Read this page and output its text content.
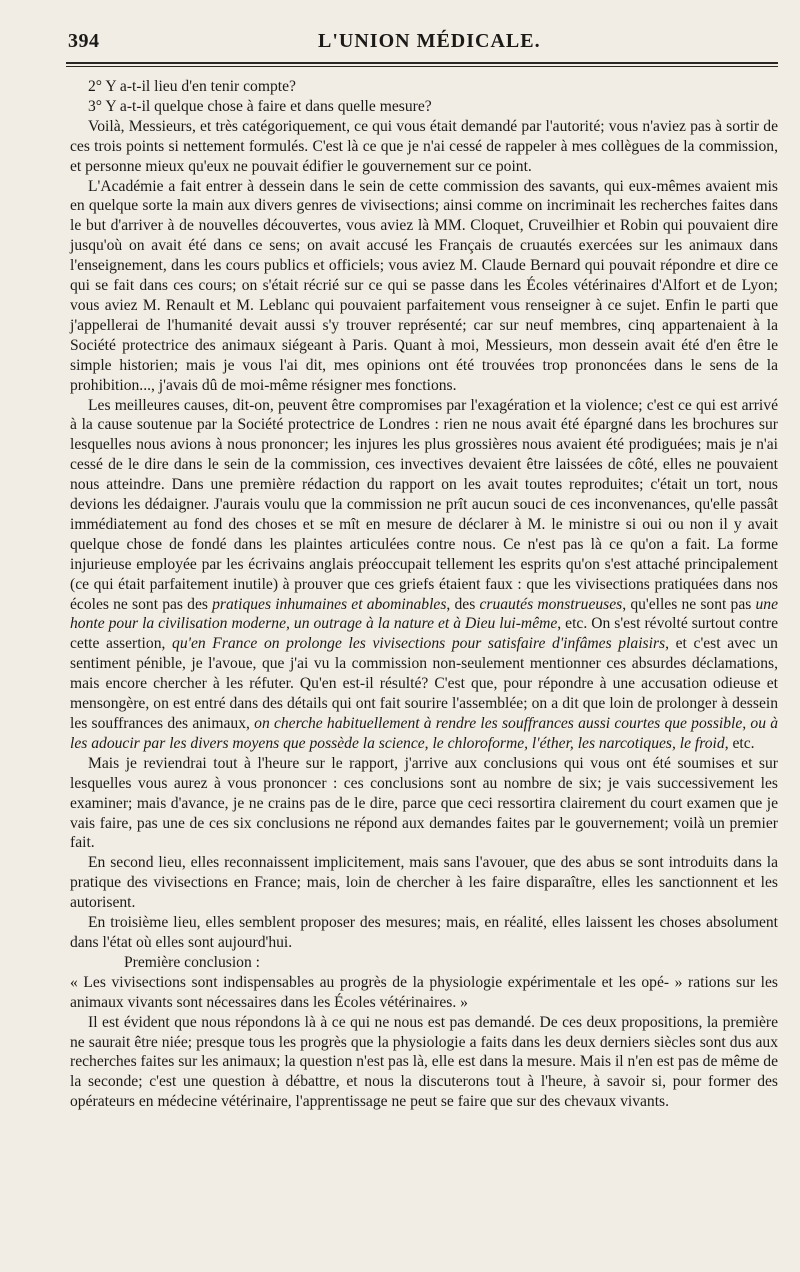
394	L'UNION MÉDICALE.

2° Y a-t-il lieu d'en tenir compte?

3° Y a-t-il quelque chose à faire et dans quelle mesure?

Voilà, Messieurs, et très catégoriquement, ce qui vous était demandé par l'autorité; vous n'aviez pas à sortir de ces trois points si nettement formulés. C'est là ce que je n'ai cessé de rappeler à mes collègues de la commission, et personne mieux qu'eux ne pouvait édifier le gouvernement sur ce point.

L'Académie a fait entrer à dessein dans le sein de cette commission des savants, qui eux-mêmes avaient mis en quelque sorte la main aux divers genres de vivisections; ainsi comme on incriminait les recherches faites dans le but d'arriver à de nouvelles découvertes, vous aviez là MM. Cloquet, Cruveilhier et Robin qui pouvaient dire jusqu'où on avait été dans ce sens; on avait accusé les Français de cruautés exercées sur les animaux dans l'enseignement, dans les cours publics et officiels; vous aviez M. Claude Bernard qui pouvait répondre et dire ce qui se fait dans ces cours; on s'était récrié sur ce qui se passe dans les Écoles vétérinaires d'Alfort et de Lyon; vous aviez M. Renault et M. Leblanc qui pouvaient parfaitement vous renseigner à ce sujet. Enfin le parti que j'appellerai de l'humanité devait aussi s'y trouver représenté; car sur neuf membres, cinq appartenaient à la Société protectrice des animaux siégeant à Paris. Quant à moi, Messieurs, mon dessein avait été d'en être le simple historien; mais je vous l'ai dit, mes opinions ont été trouvées trop prononcées dans le sens de la prohibition..., j'avais dû de moi-même résigner mes fonctions.

Les meilleures causes, dit-on, peuvent être compromises par l'exagération et la violence; c'est ce qui est arrivé à la cause soutenue par la Société protectrice de Londres : rien ne nous avait été épargné dans les brochures sur lesquelles nous avions à nous prononcer; les injures les plus grossières nous avaient été prodiguées; mais je n'ai cessé de le dire dans le sein de la commission, ces invectives devaient être laissées de côté, elles ne pouvaient nous atteindre. Dans une première rédaction du rapport on les avait toutes reproduites; c'était un tort, nous devions les dédaigner. J'aurais voulu que la commission ne prît aucun souci de ces inconvenances, qu'elle passât immédiatement au fond des choses et se mît en mesure de déclarer à M. le ministre si oui ou non il y avait quelque chose de fondé dans les plaintes articulées contre nous. Ce n'est pas là ce qu'on a fait. La forme injurieuse employée par les écrivains anglais préoccupait tellement les esprits qu'on s'est attaché principalement (ce qui était parfaitement inutile) à prouver que ces griefs étaient faux : que les vivisections pratiquées dans nos écoles ne sont pas des pratiques inhumaines et abominables, des cruautés monstrueuses, qu'elles ne sont pas une honte pour la civilisation moderne, un outrage à la nature et à Dieu lui-même, etc. On s'est révolté surtout contre cette assertion, qu'en France on prolonge les vivisections pour satisfaire d'infâmes plaisirs, et c'est avec un sentiment pénible, je l'avoue, que j'ai vu la commission non-seulement mentionner ces absurdes déclamations, mais encore chercher à les réfuter. Qu'en est-il résulté? C'est que, pour répondre à une accusation odieuse et mensongère, on est entré dans des détails qui ont fait sourire l'assemblée; on a dit que loin de prolonger à dessein les souffrances des animaux, on cherche habituellement à rendre les souffrances aussi courtes que possible, ou à les adoucir par les divers moyens que possède la science, le chloroforme, l'éther, les narcotiques, le froid, etc.

Mais je reviendrai tout à l'heure sur le rapport, j'arrive aux conclusions qui vous ont été soumises et sur lesquelles vous aurez à vous prononcer : ces conclusions sont au nombre de six; je vais successivement les examiner; mais d'avance, je ne crains pas de le dire, parce que ceci ressortira clairement du court examen que je vais faire, pas une de ces six conclusions ne répond aux demandes faites par le gouvernement; voilà un premier fait.

En second lieu, elles reconnaissent implicitement, mais sans l'avouer, que des abus se sont introduits dans la pratique des vivisections en France; mais, loin de chercher à les faire disparaître, elles les sanctionnent et les autorisent.

En troisième lieu, elles semblent proposer des mesures; mais, en réalité, elles laissent les choses absolument dans l'état où elles sont aujourd'hui.

Première conclusion :

« Les vivisections sont indispensables au progrès de la physiologie expérimentale et les opé- » rations sur les animaux vivants sont nécessaires dans les Écoles vétérinaires. »

Il est évident que nous répondons là à ce qui ne nous est pas demandé. De ces deux propositions, la première ne saurait être niée; presque tous les progrès que la physiologie a faits dans les deux derniers siècles sont dus aux recherches faites sur les animaux; la question n'est pas là, elle est dans la mesure. Mais il n'en est pas de même de la seconde; c'est une question à débattre, et nous la discuterons tout à l'heure, à savoir si, pour former des opérateurs en médecine vétérinaire, l'apprentissage ne peut se faire que sur des chevaux vivants.
